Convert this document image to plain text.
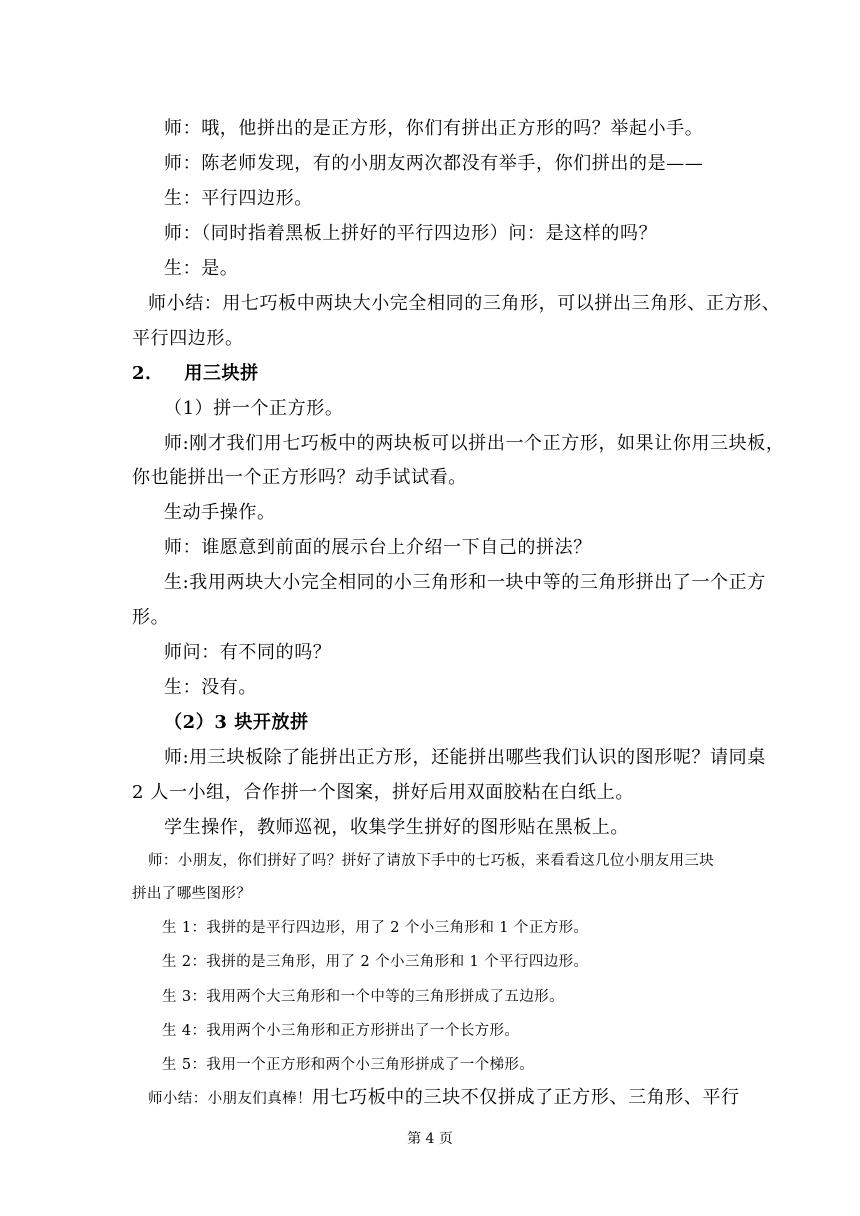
师：哦，他拼出的是正方形，你们有拼出正方形的吗？举起小手。
师：陈老师发现，有的小朋友两次都没有举手，你们拼出的是——
生：平行四边形。
师：（同时指着黑板上拼好的平行四边形）问：是这样的吗？
生：是。
师小结：用七巧板中两块大小完全相同的三角形，可以拼出三角形、正方形、
平行四边形。
2．   用三块拼
（1）拼一个正方形。
师:刚才我们用七巧板中的两块板可以拼出一个正方形，如果让你用三块板，
你也能拼出一个正方形吗？动手试试看。
生动手操作。
师：谁愿意到前面的展示台上介绍一下自己的拼法？
生:我用两块大小完全相同的小三角形和一块中等的三角形拼出了一个正方
形。
师问：有不同的吗？
生：没有。
（2）3 块开放拼
师:用三块板除了能拼出正方形，还能拼出哪些我们认识的图形呢？请同桌
2 人一小组，合作拼一个图案，拼好后用双面胶粘在白纸上。
学生操作，教师巡视，收集学生拼好的图形贴在黑板上。
师：小朋友，你们拼好了吗？拼好了请放下手中的七巧板，来看看这几位小朋友用三块
拼出了哪些图形？
生 1：我拼的是平行四边形，用了 2 个小三角形和 1 个正方形。
生 2：我拼的是三角形，用了 2 个小三角形和 1 个平行四边形。
生 3：我用两个大三角形和一个中等的三角形拼成了五边形。
生 4：我用两个小三角形和正方形拼出了一个长方形。
生 5：我用一个正方形和两个小三角形拼成了一个梯形。
师小结：小朋友们真棒！用七巧板中的三块不仅拼成了正方形、三角形、平行
第 4 页
